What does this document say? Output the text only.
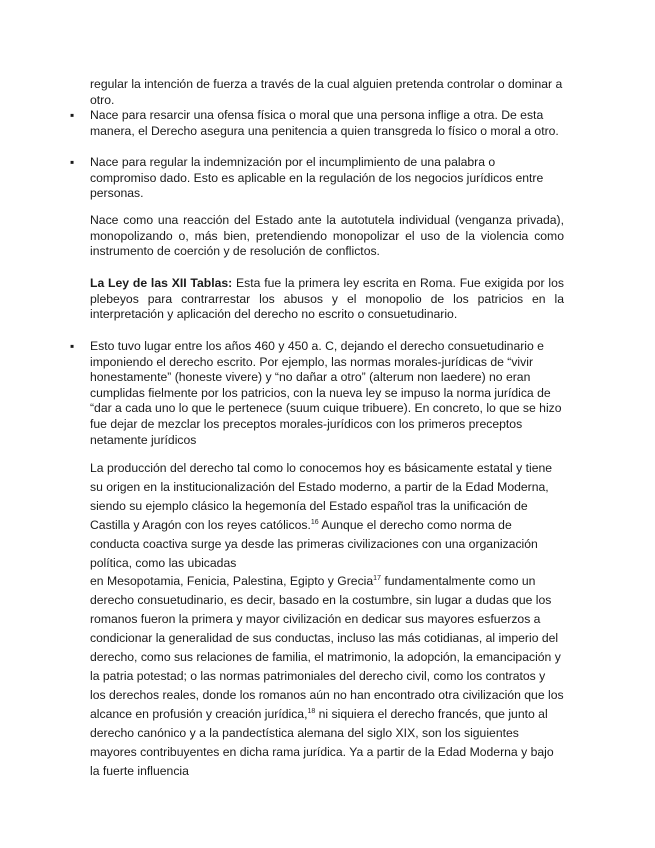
regular la intención de fuerza a través de la cual alguien pretenda controlar o dominar a otro.

▪ Nace para resarcir una ofensa física o moral que una persona inflige a otra. De esta manera, el Derecho asegura una penitencia a quien transgreda lo físico o moral a otro.

▪ Nace para regular la indemnización por el incumplimiento de una palabra o compromiso dado. Esto es aplicable en la regulación de los negocios jurídicos entre personas.

Nace como una reacción del Estado ante la autotutela individual (venganza privada), monopolizando o, más bien, pretendiendo monopolizar el uso de la violencia como instrumento de coerción y de resolución de conflictos.

La Ley de las XII Tablas: Esta fue la primera ley escrita en Roma. Fue exigida por los plebeyos para contrarrestar los abusos y el monopolio de los patricios en la interpretación y aplicación del derecho no escrito o consuetudinario.

▪ Esto tuvo lugar entre los años 460 y 450 a. C, dejando el derecho consuetudinario e imponiendo el derecho escrito. Por ejemplo, las normas morales-jurídicas de “vivir honestamente” (honeste vivere) y “no dañar a otro” (alterum non laedere) no eran cumplidas fielmente por los patricios, con la nueva ley se impuso la norma jurídica de “dar a cada uno lo que le pertenece (suum cuique tribuere). En concreto, lo que se hizo fue dejar de mezclar los preceptos morales-jurídicos con los primeros preceptos netamente jurídicos

La producción del derecho tal como lo conocemos hoy es básicamente estatal y tiene su origen en la institucionalización del Estado moderno, a partir de la Edad Moderna, siendo su ejemplo clásico la hegemonía del Estado español tras la unificación de Castilla y Aragón con los reyes católicos.$^{16}$ Aunque el derecho como norma de conducta coactiva surge ya desde las primeras civilizaciones con una organización política, como las ubicadas
en Mesopotamia, Fenicia, Palestina, Egipto y Grecia$^{17}$ fundamentalmente como un derecho consuetudinario, es decir, basado en la costumbre, sin lugar a dudas que los romanos fueron la primera y mayor civilización en dedicar sus mayores esfuerzos a condicionar la generalidad de sus conductas, incluso las más cotidianas, al imperio del derecho, como sus relaciones de familia, el matrimonio, la adopción, la emancipación y la patria potestad; o las normas patrimoniales del derecho civil, como los contratos y los derechos reales, donde los romanos aún no han encontrado otra civilización que los alcance en profusión y creación jurídica,$^{18}$ ni siquiera el derecho francés, que junto al derecho canónico y a la pandectística alemana del siglo XIX, son los siguientes mayores contribuyentes en dicha rama jurídica. Ya a partir de la Edad Moderna y bajo la fuerte influencia
